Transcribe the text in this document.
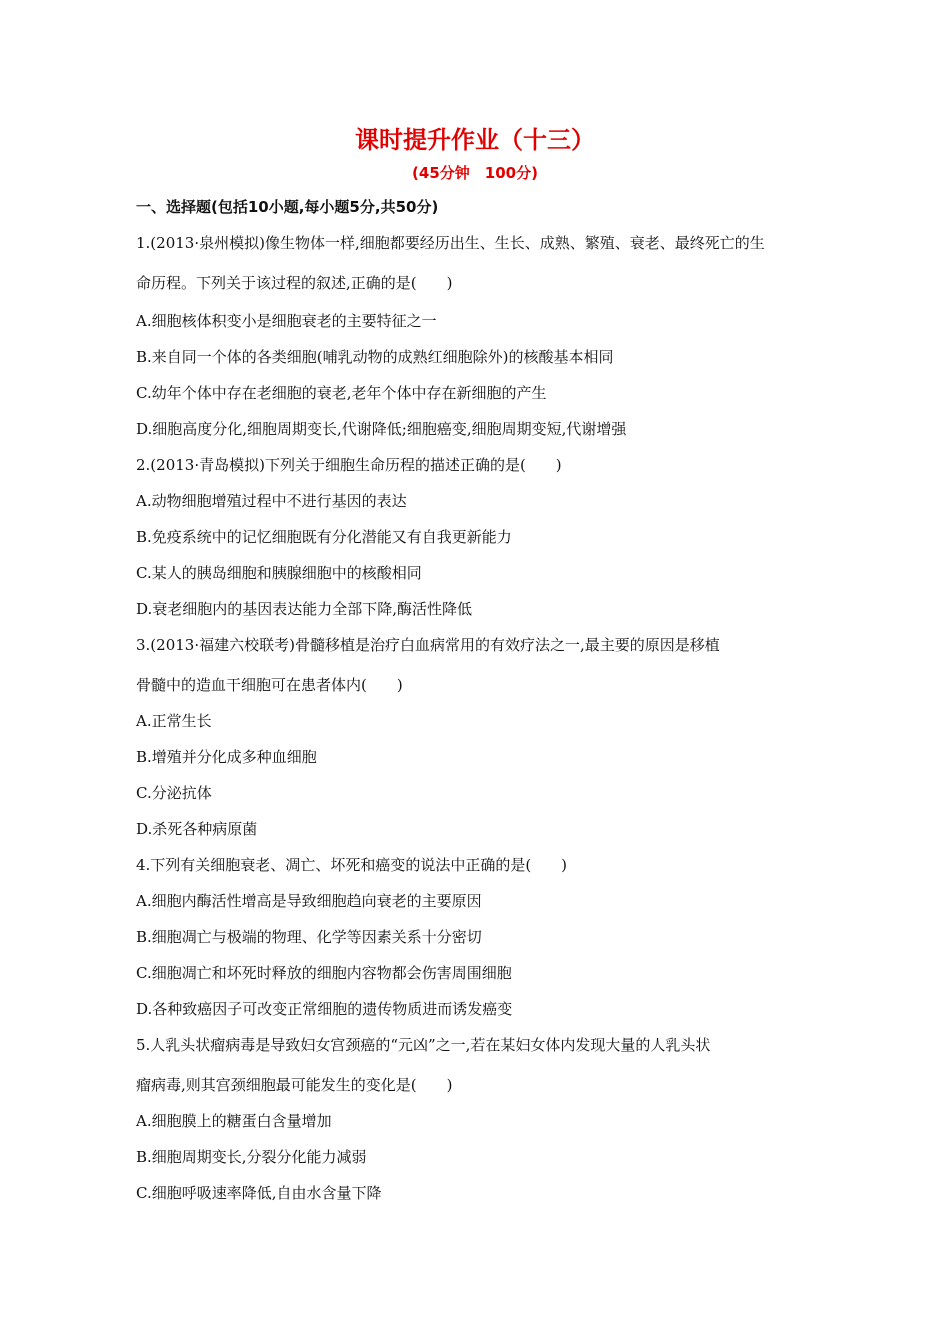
课时提升作业（十三）
(45分钟　100分)
一、选择题(包括10小题,每小题5分,共50分)
1.(2013·泉州模拟)像生物体一样,细胞都要经历出生、生长、成熟、繁殖、衰老、最终死亡的生
命历程。下列关于该过程的叙述,正确的是(　　)
A.细胞核体积变小是细胞衰老的主要特征之一
B.来自同一个体的各类细胞(哺乳动物的成熟红细胞除外)的核酸基本相同
C.幼年个体中存在老细胞的衰老,老年个体中存在新细胞的产生
D.细胞高度分化,细胞周期变长,代谢降低;细胞癌变,细胞周期变短,代谢增强
2.(2013·青岛模拟)下列关于细胞生命历程的描述正确的是(　　)
A.动物细胞增殖过程中不进行基因的表达
B.免疫系统中的记忆细胞既有分化潜能又有自我更新能力
C.某人的胰岛细胞和胰腺细胞中的核酸相同
D.衰老细胞内的基因表达能力全部下降,酶活性降低
3.(2013·福建六校联考)骨髓移植是治疗白血病常用的有效疗法之一,最主要的原因是移植
骨髓中的造血干细胞可在患者体内(　　)
A.正常生长
B.增殖并分化成多种血细胞
C.分泌抗体
D.杀死各种病原菌
4.下列有关细胞衰老、凋亡、坏死和癌变的说法中正确的是(　　)
A.细胞内酶活性增高是导致细胞趋向衰老的主要原因
B.细胞凋亡与极端的物理、化学等因素关系十分密切
C.细胞凋亡和坏死时释放的细胞内容物都会伤害周围细胞
D.各种致癌因子可改变正常细胞的遗传物质进而诱发癌变
5.人乳头状瘤病毒是导致妇女宫颈癌的“元凶”之一,若在某妇女体内发现大量的人乳头状
瘤病毒,则其宫颈细胞最可能发生的变化是(　　)
A.细胞膜上的糖蛋白含量增加
B.细胞周期变长,分裂分化能力减弱
C.细胞呼吸速率降低,自由水含量下降
